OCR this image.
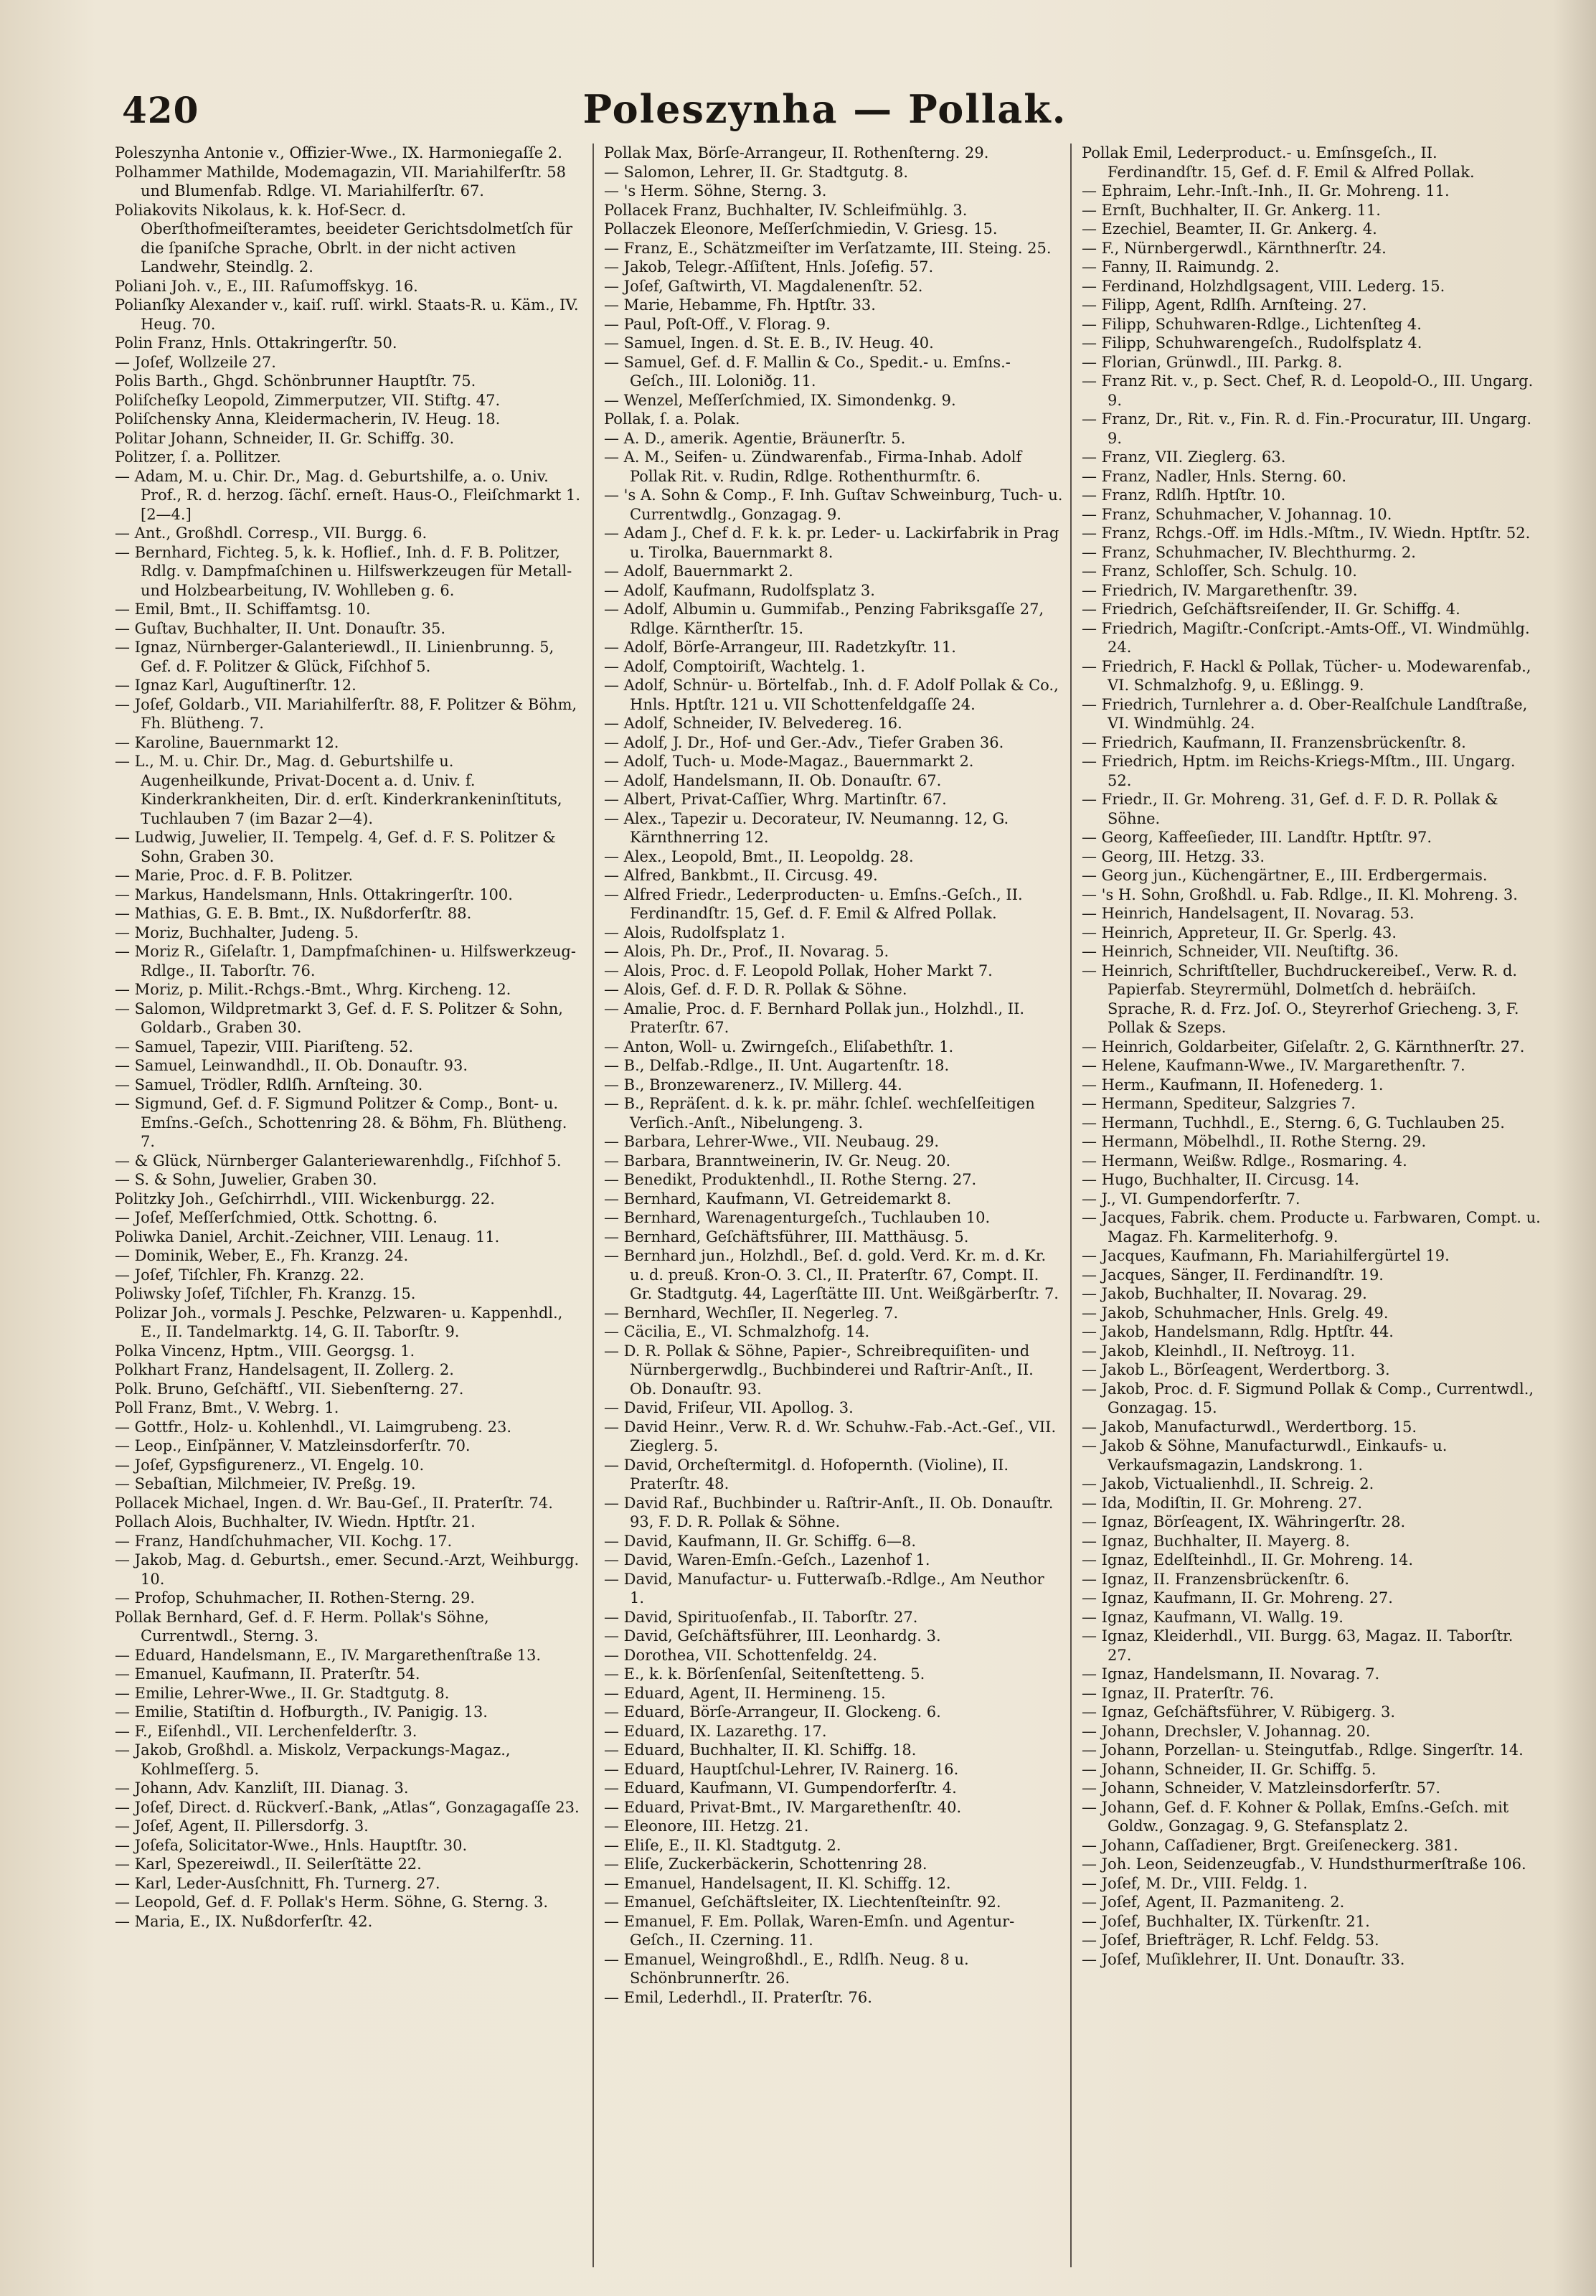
420	Poleszynha — Pollak.

Poleszynha Antonie v., Offizier-Wwe., IX. Harmoniegaſſe 2.

Polhammer Mathilde, Modemagazin, VII. Mariahilferſtr. 58 und Blumenfab. Rdlge. VI. Mariahilferſtr. 67.

Poliakovits Nikolaus, k. k. Hof-Secr. d. Oberſthofmeiſteramtes, beeideter Gerichtsdolmetſch für die ſpaniſche Sprache, Obrlt. in der nicht activen Landwehr, Steindlg. 2.

Poliani Joh. v., E., III. Raſumoffskyg. 16.

Polianſky Alexander v., kaiſ. ruſſ. wirkl. Staats-R. u. Käm., IV. Heug. 70.

Polin Franz, Hnls. Ottakringerſtr. 50.

— Joſef, Wollzeile 27.

Polis Barth., Ghgd. Schönbrunner Hauptſtr. 75.

Poliſcheſky Leopold, Zimmerputzer, VII. Stiftg. 47.

Poliſchensky Anna, Kleidermacherin, IV. Heug. 18.

Politar Johann, Schneider, II. Gr. Schiffg. 30.

Politzer, ſ. a. Pollitzer.

— Adam, M. u. Chir. Dr., Mag. d. Geburtshilfe, a. o. Univ. Prof., R. d. herzog. ſächſ. erneſt. Haus-O., Fleiſchmarkt 1. [2—4.]

— Ant., Großhdl. Corresp., VII. Burgg. 6.

— Bernhard, Fichteg. 5, k. k. Hoflief., Inh. d. F. B. Politzer, Rdlg. v. Dampfmaſchinen u. Hilfswerkzeugen für Metall- und Holzbearbeitung, IV. Wohlleben g. 6.

— Emil, Bmt., II. Schiffamtsg. 10.

— Guſtav, Buchhalter, II. Unt. Donauſtr. 35.

— Ignaz, Nürnberger-Galanteriewdl., II. Linienbrunng. 5, Gef. d. F. Politzer & Glück, Fiſchhof 5.

— Ignaz Karl, Auguſtinerſtr. 12.

— Joſef, Goldarb., VII. Mariahilferſtr. 88, F. Politzer & Böhm, Fh. Blütheng. 7.

— Karoline, Bauernmarkt 12.

— L., M. u. Chir. Dr., Mag. d. Geburtshilfe u. Augenheilkunde, Privat-Docent a. d. Univ. f. Kinderkrankheiten, Dir. d. erſt. Kinderkrankeninſtituts, Tuchlauben 7 (im Bazar 2—4).

— Ludwig, Juwelier, II. Tempelg. 4, Gef. d. F. S. Politzer & Sohn, Graben 30.

— Marie, Proc. d. F. B. Politzer.

— Markus, Handelsmann, Hnls. Ottakringerſtr. 100.

— Mathias, G. E. B. Bmt., IX. Nußdorferſtr. 88.

— Moriz, Buchhalter, Judeng. 5.

— Moriz R., Giſelaſtr. 1, Dampfmaſchinen- u. Hilfswerkzeug-Rdlge., II. Taborſtr. 76.

— Moriz, p. Milit.-Rchgs.-Bmt., Whrg. Kircheng. 12.

— Salomon, Wildpretmarkt 3, Gef. d. F. S. Politzer & Sohn, Goldarb., Graben 30.

— Samuel, Tapezir, VIII. Piariſteng. 52.

— Samuel, Leinwandhdl., II. Ob. Donauſtr. 93.

— Samuel, Trödler, Rdlſh. Arnſteing. 30.

— Sigmund, Gef. d. F. Sigmund Politzer & Comp., Bont- u. Emſns.-Geſch., Schottenring 28. & Böhm, Fh. Blütheng. 7.

— & Glück, Nürnberger Galanteriewarenhdlg., Fiſchhof 5.

— S. & Sohn, Juwelier, Graben 30.

Politzky Joh., Geſchirrhdl., VIII. Wickenburgg. 22.

— Joſef, Meſſerſchmied, Ottk. Schottng. 6.

Poliwka Daniel, Archit.-Zeichner, VIII. Lenaug. 11.

— Dominik, Weber, E., Fh. Kranzg. 24.

— Joſef, Tiſchler, Fh. Kranzg. 22.

Poliwsky Joſef, Tiſchler, Fh. Kranzg. 15.

Polizar Joh., vormals J. Peschke, Pelzwaren- u. Kappenhdl., E., II. Tandelmarktg. 14, G. II. Taborſtr. 9.

Polka Vincenz, Hptm., VIII. Georgsg. 1.

Polkhart Franz, Handelsagent, II. Zollerg. 2.

Polk. Bruno, Geſchäftſ., VII. Siebenſterng. 27.

Poll Franz, Bmt., V. Webrg. 1.

— Gottfr., Holz- u. Kohlenhdl., VI. Laimgrubeng. 23.

— Leop., Einſpänner, V. Matzleinsdorferſtr. 70.

— Joſef, Gypsfigurenerz., VI. Engelg. 10.

— Sebaſtian, Milchmeier, IV. Preßg. 19.

Pollacek Michael, Ingen. d. Wr. Bau-Geſ., II. Praterſtr. 74.

Pollach Alois, Buchhalter, IV. Wiedn. Hptſtr. 21.

— Franz, Handſchuhmacher, VII. Kochg. 17.

— Jakob, Mag. d. Geburtsh., emer. Secund.-Arzt, Weihburgg. 10.

— Profop, Schuhmacher, II. Rothen-Sterng. 29.

Pollak Bernhard, Gef. d. F. Herm. Pollak's Söhne, Currentwdl., Sterng. 3.

— Eduard, Handelsmann, E., IV. Margarethenſtraße 13.

— Emanuel, Kaufmann, II. Praterſtr. 54.

— Emilie, Lehrer-Wwe., II. Gr. Stadtgutg. 8.

— Emilie, Statiſtin d. Hofburgth., IV. Panigig. 13.

— F., Eiſenhdl., VII. Lerchenfelderſtr. 3.

— Jakob, Großhdl. a. Miskolz, Verpackungs-Magaz., Kohlmeſſerg. 5.

— Johann, Adv. Kanzliſt, III. Dianag. 3.

— Joſef, Direct. d. Rückverſ.-Bank, „Atlas“, Gonzagagaſſe 23.

— Joſef, Agent, II. Pillersdorfg. 3.

— Joſefa, Solicitator-Wwe., Hnls. Hauptſtr. 30.

— Karl, Spezereiwdl., II. Seilerſtätte 22.

— Karl, Leder-Ausſchnitt, Fh. Turnerg. 27.

— Leopold, Gef. d. F. Pollak's Herm. Söhne, G. Sterng. 3.

— Maria, E., IX. Nußdorferſtr. 42.

Pollak Max, Börſe-Arrangeur, II. Rothenſterng. 29.

— Salomon, Lehrer, II. Gr. Stadtgutg. 8.

— 's Herm. Söhne, Sterng. 3.

Pollacek Franz, Buchhalter, IV. Schleifmühlg. 3.

Pollaczek Eleonore, Meſſerſchmiedin, V. Griesg. 15.

— Franz, E., Schätzmeiſter im Verſatzamte, III. Steing. 25.

— Jakob, Telegr.-Aſſiſtent, Hnls. Joſefig. 57.

— Joſef, Gaſtwirth, VI. Magdalenenſtr. 52.

— Marie, Hebamme, Fh. Hptſtr. 33.

— Paul, Poſt-Off., V. Florag. 9.

— Samuel, Ingen. d. St. E. B., IV. Heug. 40.

— Samuel, Gef. d. F. Mallin & Co., Spedit.- u. Emſns.-Geſch., III. Loloniðg. 11.

— Wenzel, Meſſerſchmied, IX. Simondenkg. 9.

Pollak, ſ. a. Polak.

— A. D., amerik. Agentie, Bräunerſtr. 5.

— A. M., Seifen- u. Zündwarenfab., Firma-Inhab. Adolf Pollak Rit. v. Rudin, Rdlge. Rothenthurmſtr. 6.

— 's A. Sohn & Comp., F. Inh. Guſtav Schweinburg, Tuch- u. Currentwdlg., Gonzagag. 9.

— Adam J., Chef d. F. k. k. pr. Leder- u. Lackirfabrik in Prag u. Tirolka, Bauernmarkt 8.

— Adolf, Bauernmarkt 2.

— Adolf, Kaufmann, Rudolfsplatz 3.

— Adolf, Albumin u. Gummifab., Penzing Fabriksgaſſe 27, Rdlge. Kärntherſtr. 15.

— Adolf, Börſe-Arrangeur, III. Radetzkyſtr. 11.

— Adolf, Comptoiriſt, Wachtelg. 1.

— Adolf, Schnür- u. Börtelfab., Inh. d. F. Adolf Pollak & Co., Hnls. Hptſtr. 121 u. VII Schottenfeldgaſſe 24.

— Adolf, Schneider, IV. Belvedereg. 16.

— Adolf, J. Dr., Hof- und Ger.-Adv., Tiefer Graben 36.

— Adolf, Tuch- u. Mode-Magaz., Bauernmarkt 2.

— Adolf, Handelsmann, II. Ob. Donauſtr. 67.

— Albert, Privat-Caſſier, Whrg. Martinſtr. 67.

— Alex., Tapezir u. Decorateur, IV. Neumanng. 12, G. Kärnthnerring 12.

— Alex., Leopold, Bmt., II. Leopoldg. 28.

— Alfred, Bankbmt., II. Circusg. 49.

— Alfred Friedr., Lederproducten- u. Emſns.-Geſch., II. Ferdinandſtr. 15, Gef. d. F. Emil & Alfred Pollak.

— Alois, Rudolfsplatz 1.

— Alois, Ph. Dr., Prof., II. Novarag. 5.

— Alois, Proc. d. F. Leopold Pollak, Hoher Markt 7.

— Alois, Gef. d. F. D. R. Pollak & Söhne.

— Amalie, Proc. d. F. Bernhard Pollak jun., Holzhdl., II. Praterſtr. 67.

— Anton, Woll- u. Zwirngeſch., Eliſabethſtr. 1.

— B., Delfab.-Rdlge., II. Unt. Augartenſtr. 18.

— B., Bronzewarenerz., IV. Millerg. 44.

— B., Repräſent. d. k. k. pr. mähr. ſchleſ. wechſelſeitigen Verſich.-Anſt., Nibelungeng. 3.

— Barbara, Lehrer-Wwe., VII. Neubaug. 29.

— Barbara, Branntweinerin, IV. Gr. Neug. 20.

— Benedikt, Produktenhdl., II. Rothe Sterng. 27.

— Bernhard, Kaufmann, VI. Getreidemarkt 8.

— Bernhard, Warenagenturgeſch., Tuchlauben 10.

— Bernhard, Geſchäftsführer, III. Matthäusg. 5.

— Bernhard jun., Holzhdl., Beſ. d. gold. Verd. Kr. m. d. Kr. u. d. preuß. Kron-O. 3. Cl., II. Praterſtr. 67, Compt. II. Gr. Stadtgutg. 44, Lagerſtätte III. Unt. Weißgärberſtr. 7.

— Bernhard, Wechſler, II. Negerleg. 7.

— Cäcilia, E., VI. Schmalzhofg. 14.

— D. R. Pollak & Söhne, Papier-, Schreibrequiſiten- und Nürnbergerwdlg., Buchbinderei und Raſtrir-Anſt., II. Ob. Donauſtr. 93.

— David, Friſeur, VII. Apollog. 3.

— David Heinr., Verw. R. d. Wr. Schuhw.-Fab.-Act.-Geſ., VII. Zieglerg. 5.

— David, Orcheſtermitgl. d. Hofopernth. (Violine), II. Praterſtr. 48.

— David Raf., Buchbinder u. Raſtrir-Anſt., II. Ob. Donauſtr. 93, F. D. R. Pollak & Söhne.

— David, Kaufmann, II. Gr. Schiffg. 6—8.

— David, Waren-Emſn.-Geſch., Lazenhof 1.

— David, Manufactur- u. Futterwaſb.-Rdlge., Am Neuthor 1.

— David, Spirituoſenfab., II. Taborſtr. 27.

— David, Geſchäftsführer, III. Leonhardg. 3.

— Dorothea, VII. Schottenfeldg. 24.

— E., k. k. Börſenſenſal, Seitenſtetteng. 5.

— Eduard, Agent, II. Hermineng. 15.

— Eduard, Börſe-Arrangeur, II. Glockeng. 6.

— Eduard, IX. Lazarethg. 17.

— Eduard, Buchhalter, II. Kl. Schiffg. 18.

— Eduard, Hauptſchul-Lehrer, IV. Rainerg. 16.

— Eduard, Kaufmann, VI. Gumpendorferſtr. 4.

— Eduard, Privat-Bmt., IV. Margarethenſtr. 40.

— Eleonore, III. Hetzg. 21.

— Eliſe, E., II. Kl. Stadtgutg. 2.

— Eliſe, Zuckerbäckerin, Schottenring 28.

— Emanuel, Handelsagent, II. Kl. Schiffg. 12.

— Emanuel, Geſchäftsleiter, IX. Liechtenſteinſtr. 92.

— Emanuel, F. Em. Pollak, Waren-Emſn. und Agentur-Geſch., II. Czerning. 11.

— Emanuel, Weingroßhdl., E., Rdlſh. Neug. 8 u. Schönbrunnerſtr. 26.

— Emil, Lederhdl., II. Praterſtr. 76.

Pollak Emil, Lederproduct.- u. Emſnsgeſch., II. Ferdinandſtr. 15, Gef. d. F. Emil & Alfred Pollak.

— Ephraim, Lehr.-Inſt.-Inh., II. Gr. Mohreng. 11.

— Ernſt, Buchhalter, II. Gr. Ankerg. 11.

— Ezechiel, Beamter, II. Gr. Ankerg. 4.

— F., Nürnbergerwdl., Kärnthnerſtr. 24.

— Fanny, II. Raimundg. 2.

— Ferdinand, Holzhdlgsagent, VIII. Lederg. 15.

— Filipp, Agent, Rdlſh. Arnſteing. 27.

— Filipp, Schuhwaren-Rdlge., Lichtenſteg 4.

— Filipp, Schuhwarengeſch., Rudolfsplatz 4.

— Florian, Grünwdl., III. Parkg. 8.

— Franz Rit. v., p. Sect. Chef, R. d. Leopold-O., III. Ungarg. 9.

— Franz, Dr., Rit. v., Fin. R. d. Fin.-Procuratur, III. Ungarg. 9.

— Franz, VII. Zieglerg. 63.

— Franz, Nadler, Hnls. Sterng. 60.

— Franz, Rdlſh. Hptſtr. 10.

— Franz, Schuhmacher, V. Johannag. 10.

— Franz, Rchgs.-Off. im Hdls.-Mſtm., IV. Wiedn. Hptſtr. 52.

— Franz, Schuhmacher, IV. Blechthurmg. 2.

— Franz, Schloſſer, Sch. Schulg. 10.

— Friedrich, IV. Margarethenſtr. 39.

— Friedrich, Geſchäftsreiſender, II. Gr. Schiffg. 4.

— Friedrich, Magiſtr.-Conſcript.-Amts-Off., VI. Windmühlg. 24.

— Friedrich, F. Hackl & Pollak, Tücher- u. Modewarenfab., VI. Schmalzhofg. 9, u. Eßlingg. 9.

— Friedrich, Turnlehrer a. d. Ober-Realſchule Landſtraße, VI. Windmühlg. 24.

— Friedrich, Kaufmann, II. Franzensbrückenſtr. 8.

— Friedrich, Hptm. im Reichs-Kriegs-Mſtm., III. Ungarg. 52.

— Friedr., II. Gr. Mohreng. 31, Gef. d. F. D. R. Pollak & Söhne.

— Georg, Kaffeeſieder, III. Landſtr. Hptſtr. 97.

— Georg, III. Hetzg. 33.

— Georg jun., Küchengärtner, E., III. Erdbergermais.

— 's H. Sohn, Großhdl. u. Fab. Rdlge., II. Kl. Mohreng. 3.

— Heinrich, Handelsagent, II. Novarag. 53.

— Heinrich, Appreteur, II. Gr. Sperlg. 43.

— Heinrich, Schneider, VII. Neuſtiftg. 36.

— Heinrich, Schriftſteller, Buchdruckereibeſ., Verw. R. d. Papierfab. Steyrermühl, Dolmetſch d. hebräiſch. Sprache, R. d. Frz. Joſ. O., Steyrerhof Griecheng. 3, F. Pollak & Szeps.

— Heinrich, Goldarbeiter, Giſelaſtr. 2, G. Kärnthnerſtr. 27.

— Helene, Kaufmann-Wwe., IV. Margarethenſtr. 7.

— Herm., Kaufmann, II. Hofenederg. 1.

— Hermann, Spediteur, Salzgries 7.

— Hermann, Tuchhdl., E., Sterng. 6, G. Tuchlauben 25.

— Hermann, Möbelhdl., II. Rothe Sterng. 29.

— Hermann, Weißw. Rdlge., Rosmaring. 4.

— Hugo, Buchhalter, II. Circusg. 14.

— J., VI. Gumpendorferſtr. 7.

— Jacques, Fabrik. chem. Producte u. Farbwaren, Compt. u. Magaz. Fh. Karmeliterhofg. 9.

— Jacques, Kaufmann, Fh. Mariahilfergürtel 19.

— Jacques, Sänger, II. Ferdinandſtr. 19.

— Jakob, Buchhalter, II. Novarag. 29.

— Jakob, Schuhmacher, Hnls. Grelg. 49.

— Jakob, Handelsmann, Rdlg. Hptſtr. 44.

— Jakob, Kleinhdl., II. Neſtroyg. 11.

— Jakob L., Börſeagent, Werdertborg. 3.

— Jakob, Proc. d. F. Sigmund Pollak & Comp., Currentwdl., Gonzagag. 15.

— Jakob, Manufacturwdl., Werdertborg. 15.

— Jakob & Söhne, Manufacturwdl., Einkaufs- u. Verkaufsmagazin, Landskrong. 1.

— Jakob, Victualienhdl., II. Schreig. 2.

— Ida, Modiſtin, II. Gr. Mohreng. 27.

— Ignaz, Börſeagent, IX. Währingerſtr. 28.

— Ignaz, Buchhalter, II. Mayerg. 8.

— Ignaz, Edelſteinhdl., II. Gr. Mohreng. 14.

— Ignaz, II. Franzensbrückenſtr. 6.

— Ignaz, Kaufmann, II. Gr. Mohreng. 27.

— Ignaz, Kaufmann, VI. Wallg. 19.

— Ignaz, Kleiderhdl., VII. Burgg. 63, Magaz. II. Taborſtr. 27.

— Ignaz, Handelsmann, II. Novarag. 7.

— Ignaz, II. Praterſtr. 76.

— Ignaz, Geſchäftsführer, V. Rübigerg. 3.

— Johann, Drechsler, V. Johannag. 20.

— Johann, Porzellan- u. Steingutfab., Rdlge. Singerſtr. 14.

— Johann, Schneider, II. Gr. Schiffg. 5.

— Johann, Schneider, V. Matzleinsdorferſtr. 57.

— Johann, Gef. d. F. Kohner & Pollak, Emſns.-Geſch. mit Goldw., Gonzagag. 9, G. Stefansplatz 2.

— Johann, Caſſadiener, Brgt. Greiſeneckerg. 381.

— Joh. Leon, Seidenzeugfab., V. Hundsthurmerſtraße 106.

— Joſef, M. Dr., VIII. Feldg. 1.

— Joſef, Agent, II. Pazmaniteng. 2.

— Joſef, Buchhalter, IX. Türkenſtr. 21.

— Joſef, Briefträger, R. Lchf. Feldg. 53.

— Joſef, Muſiklehrer, II. Unt. Donauſtr. 33.
